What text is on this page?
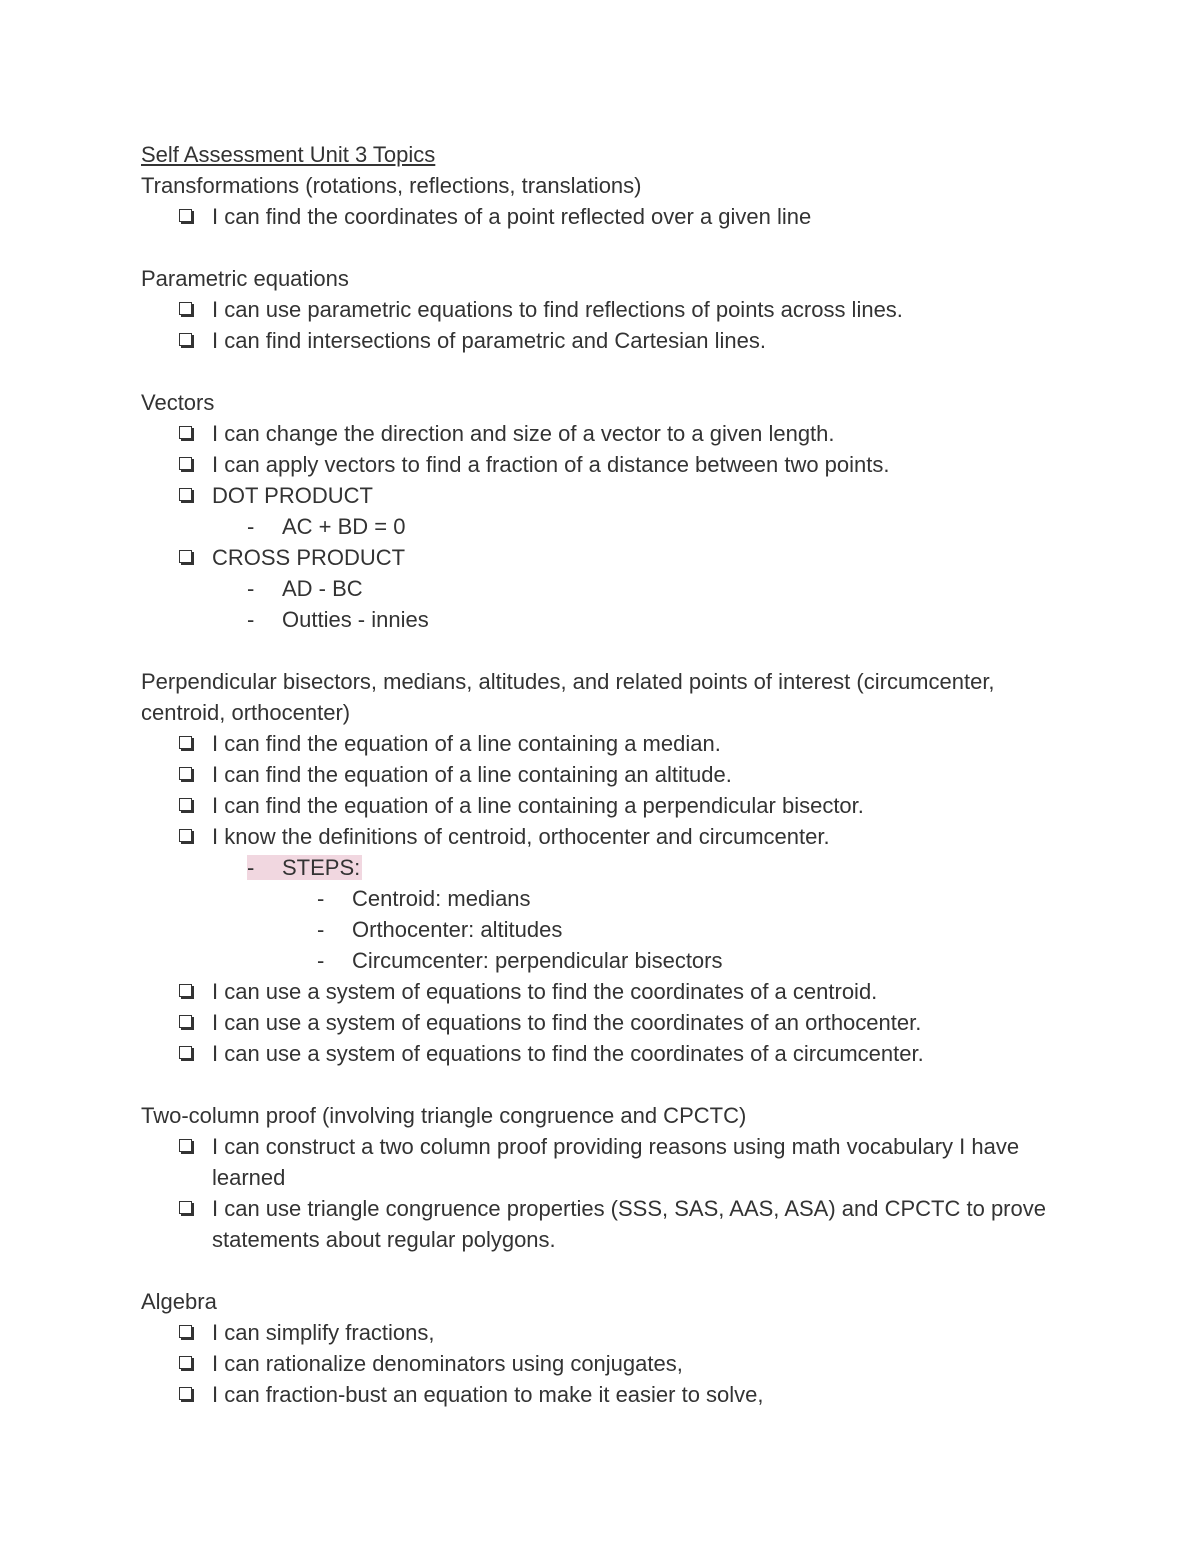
Self Assessment Unit 3 Topics
Transformations (rotations, reflections, translations)
I can find the coordinates of a point reflected over a given line
Parametric equations
I can use parametric equations to find reflections of points across lines.
I can find intersections of parametric and Cartesian lines.
Vectors
I can change the direction and size of a vector to a given length.
I can apply vectors to find a fraction of a distance between two points.
DOT PRODUCT
- AC + BD = 0
CROSS PRODUCT
- AD - BC
- Outties - innies
Perpendicular bisectors, medians, altitudes, and related points of interest (circumcenter, centroid, orthocenter)
I can find the equation of a line containing a median.
I can find the equation of a line containing an altitude.
I can find the equation of a line containing a perpendicular bisector.
I know the definitions of centroid, orthocenter and circumcenter.
- STEPS:
- Centroid: medians
- Orthocenter: altitudes
- Circumcenter: perpendicular bisectors
I can use a system of equations to find the coordinates of a centroid.
I can use a system of equations to find the coordinates of an orthocenter.
I can use a system of equations to find the coordinates of a circumcenter.
Two-column proof (involving triangle congruence and CPCTC)
I can construct a two column proof providing reasons using math vocabulary I have learned
I can use triangle congruence properties (SSS, SAS, AAS, ASA) and CPCTC to prove statements about regular polygons.
Algebra
I can simplify fractions,
I can rationalize denominators using conjugates,
I can fraction-bust an equation to make it easier to solve,
